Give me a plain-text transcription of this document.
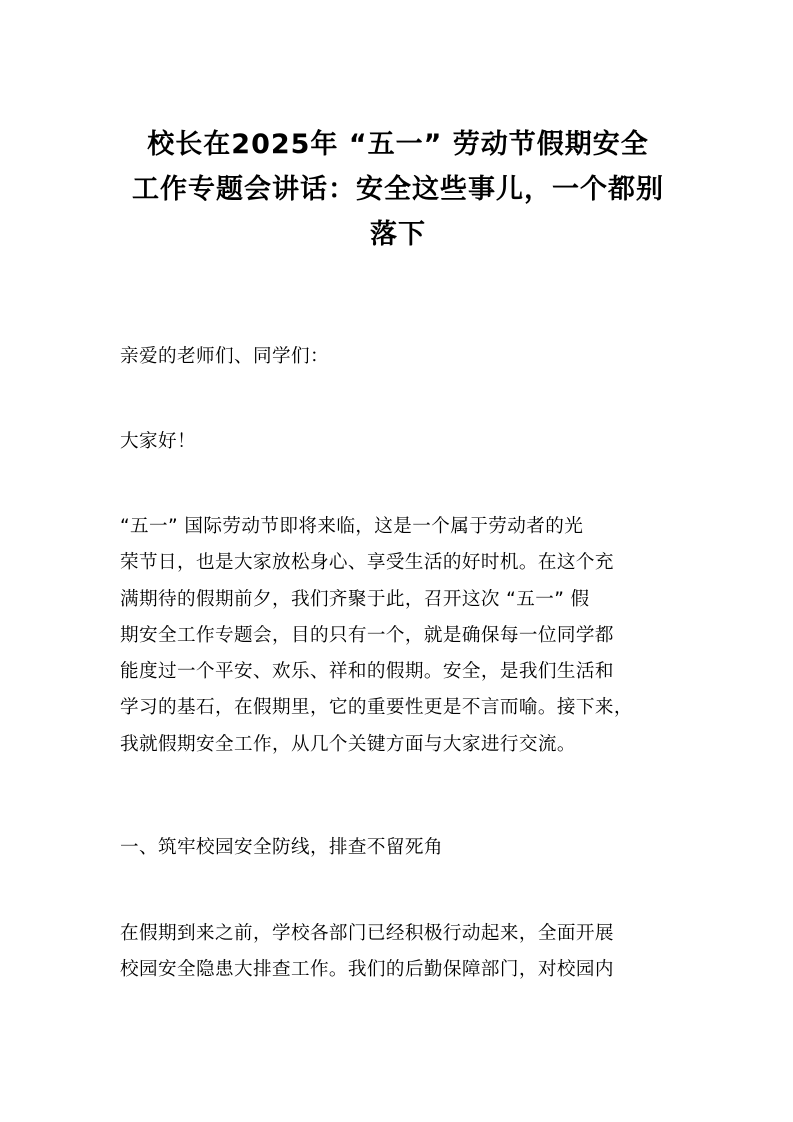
校长在2025年 “五一” 劳动节假期安全
工作专题会讲话：安全这些事儿，一个都别
落下

亲爱的老师们、同学们：

大家好！

“五一” 国际劳动节即将来临，这是一个属于劳动者的光
荣节日，也是大家放松身心、享受生活的好时机。在这个充
满期待的假期前夕，我们齐聚于此，召开这次 “五一” 假
期安全工作专题会，目的只有一个，就是确保每一位同学都
能度过一个平安、欢乐、祥和的假期。安全，是我们生活和
学习的基石，在假期里，它的重要性更是不言而喻。接下来，
我就假期安全工作，从几个关键方面与大家进行交流。

一、筑牢校园安全防线，排查不留死角

在假期到来之前，学校各部门已经积极行动起来，全面开展
校园安全隐患大排查工作。我们的后勤保障部门，对校园内
